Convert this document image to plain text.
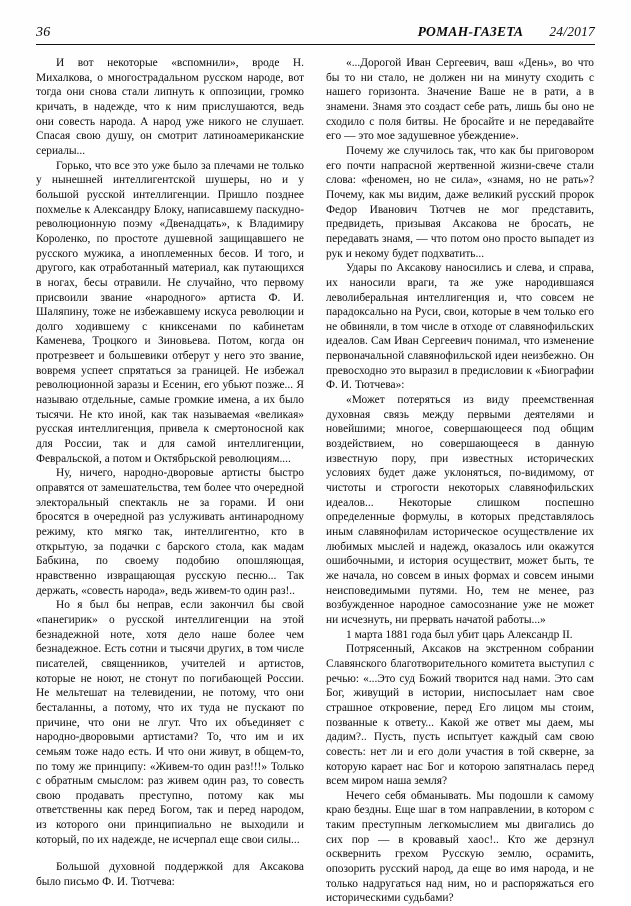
36	РОМАН-ГАЗЕТА 24/2017

И вот некоторые «вспомнили», вроде Н. Михалкова, о многострадальном русском народе, вот тогда они снова стали липнуть к оппозиции, громко кричать, в надежде, что к ним прислушаются, ведь они совесть народа. А народ уже никого не слушает. Спасая свою душу, он смотрит латиноамериканские сериалы...

Горько, что все это уже было за плечами не только у нынешней интеллигентской шушеры, но и у большой русской интеллигенции. Пришло позднее похмелье к Александру Блоку, написавшему паскудно-революционную поэму «Двенадцать», к Владимиру Короленко, по простоте душевной защищавшего не русского мужика, а иноплеменных бесов. И того, и другого, как отработанный материал, как путающихся в ногах, бесы отравили. Не случайно, что первому присвоили звание «народного» артиста Ф. И. Шаляпину, тоже не избежавшему искуса революции и долго ходившему с книксенами по кабинетам Каменева, Троцкого и Зиновьева. Потом, когда он протрезвеет и большевики отберут у него это звание, вовремя успеет спрятаться за границей. Не избежал революционной заразы и Есенин, его убьют позже... Я называю отдельные, самые громкие имена, а их было тысячи. Не кто иной, как так называемая «великая» русская интеллигенция, привела к смертоносной как для России, так и для самой интеллигенции, Февральской, а потом и Октябрьской революциям....

Ну, ничего, народно-дворовые артисты быстро оправятся от замешательства, тем более что очередной электоральный спектакль не за горами. И они бросятся в очередной раз услуживать антинародному режиму, кто мягко так, интеллигентно, кто в открытую, за подачки с барского стола, как мадам Бабкина, по своему подобию опошляющая, нравственно извращающая русскую песню... Так держать, «совесть народа», ведь живем-то один раз!..

Но я был бы неправ, если закончил бы свой «панегирик» о русской интеллигенции на этой безнадежной ноте, хотя дело наше более чем безнадежное. Есть сотни и тысячи других, в том числе писателей, священников, учителей и артистов, которые не ноют, не стонут по погибающей России. Не мельтешат на телевидении, не потому, что они бесталанны, а потому, что их туда не пускают по причине, что они не лгут. Что их объединяет с народно-дворовыми артистами? То, что им и их семьям тоже надо есть. И что они живут, в общем-то, по тому же принципу: «Живем-то один раз!!!» Только с обратным смыслом: раз живем один раз, то совесть свою продавать преступно, потому как мы ответственны как перед Богом, так и перед народом, из которого они принципиально не выходили и который, по их надежде, не исчерпал еще свои силы...

Большой духовной поддержкой для Аксакова было письмо Ф. И. Тютчева:

«...Дорогой Иван Сергеевич, ваш «День», во что бы то ни стало, не должен ни на минуту сходить с нашего горизонта. Значение Ваше не в рати, а в знамени. Знамя это создаст себе рать, лишь бы оно не сходило с поля битвы. Не бросайте и не передавайте его — это мое задушевное убеждение».

Почему же случилось так, что как бы приговором его почти напрасной жертвенной жизни-свече стали слова: «феномен, но не сила», «знамя, но не рать»? Почему, как мы видим, даже великий русский пророк Федор Иванович Тютчев не мог представить, предвидеть, призывая Аксакова не бросать, не передавать знамя, — что потом оно просто выпадет из рук и некому будет подхватить...

Удары по Аксакову наносились и слева, и справа, их наносили враги, та же уже народившаяся леволиберальная интеллигенция и, что совсем не парадоксально на Руси, свои, которые в чем только его не обвиняли, в том числе в отходе от славянофильских идеалов. Сам Иван Сергеевич понимал, что изменение первоначальной славянофильской идеи неизбежно. Он превосходно это выразил в предисловии к «Биографии Ф. И. Тютчева»:

«Может потеряться из виду преемственная духовная связь между первыми деятелями и новейшими; многое, совершающееся под общим воздействием, но совершающееся в данную известную пору, при известных исторических условиях будет даже уклоняться, по-видимому, от чистоты и строгости некоторых славянофильских идеалов... Некоторые слишком поспешно определенные формулы, в которых представлялось иным славянофилам историческое осуществление их любимых мыслей и надежд, оказалось или окажутся ошибочными, и история осуществит, может быть, те же начала, но совсем в иных формах и совсем иными неисповедимыми путями. Но, тем не менее, раз возбужденное народное самосознание уже не может ни исчезнуть, ни прервать начатой работы...»

1 марта 1881 года был убит царь Александр II.

Потрясенный, Аксаков на экстренном собрании Славянского благотворительного комитета выступил с речью: «...Это суд Божий творится над нами. Это сам Бог, живущий в истории, ниспосылает нам свое страшное откровение, перед Его лицом мы стоим, позванные к ответу... Какой же ответ мы даем, мы дадим?.. Пусть, пусть испытует каждый сам свою совесть: нет ли и его доли участия в той скверне, за которую карает нас Бог и которою запятналась перед всем миром наша земля?

Нечего себя обманывать. Мы подошли к самому краю бездны. Еще шаг в том направлении, в котором с таким преступным легкомыслием мы двигались до сих пор — в кровавый хаос!.. Кто же дерзнул осквернить грехом Русскую землю, осрамить, опозорить русский народ, да еще во имя народа, и не только надругаться над ним, но и распоряжаться его историческими судьбами?
